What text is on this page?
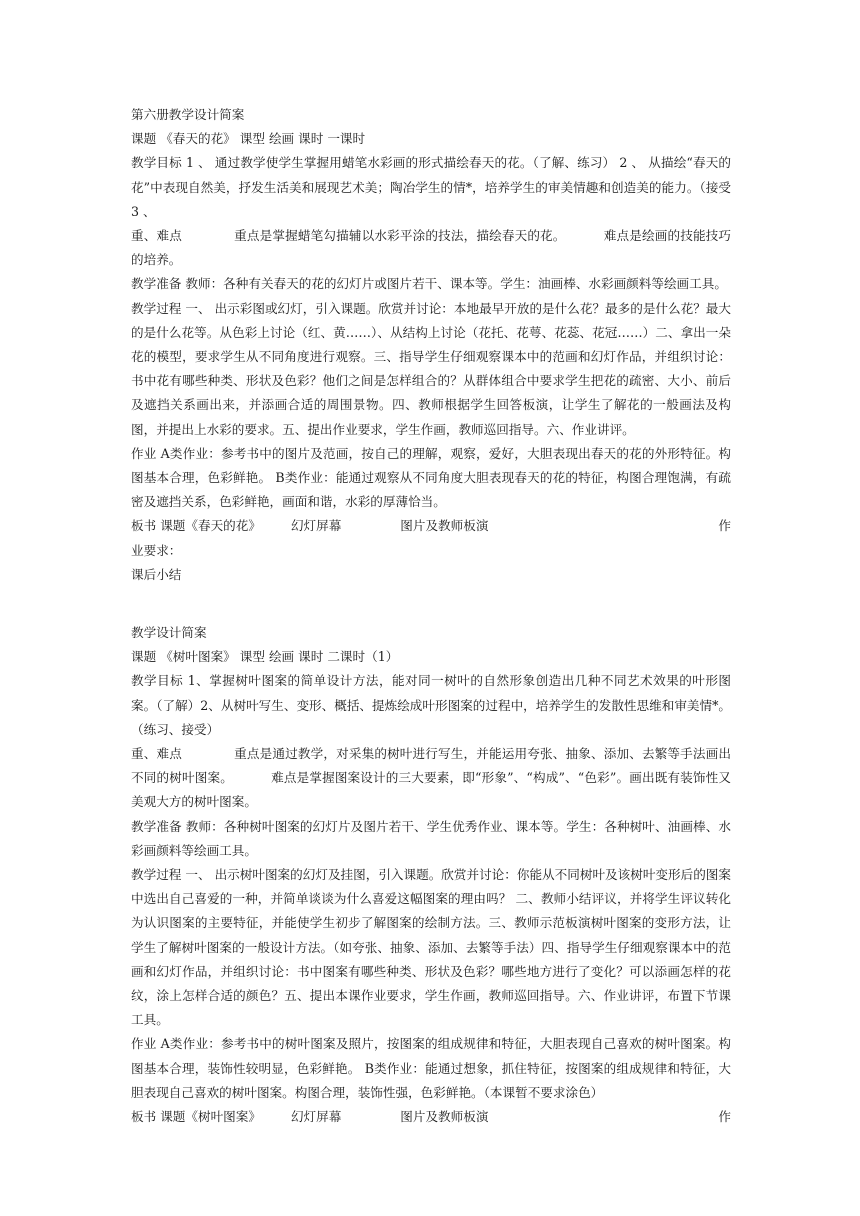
第六册教学设计简案

课题 《春天的花》 课型 绘画 课时 一课时

教学目标 1 、 通过教学使学生掌握用蜡笔水彩画的形式描绘春天的花。（了解、练习） 2 、 从描绘“春天的花”中表现自然美，抒发生活美和展现艺术美；陶冶学生的情*，培养学生的审美情趣和创造美的能力。（接受 3 、

重、难点	重点是掌握蜡笔勾描辅以水彩平涂的技法，描绘春天的花。	难点是绘画的技能技巧的培养。

教学准备 教师：各种有关春天的花的幻灯片或图片若干、课本等。学生：油画棒、水彩画颜料等绘画工具。

教学过程 一、 出示彩图或幻灯，引入课题。欣赏并讨论：本地最早开放的是什么花？最多的是什么花？最大的是什么花等。从色彩上讨论（红、黄……）、从结构上讨论（花托、花萼、花蕊、花冠……）二、拿出一朵花的模型，要求学生从不同角度进行观察。三、指导学生仔细观察课本中的范画和幻灯作品，并组织讨论：书中花有哪些种类、形状及色彩？他们之间是怎样组合的？从群体组合中要求学生把花的疏密、大小、前后及遮挡关系画出来，并添画合适的周围景物。四、教师根据学生回答板演，让学生了解花的一般画法及构图，并提出上水彩的要求。五、提出作业要求，学生作画，教师巡回指导。六、作业讲评。

作业 A类作业：参考书中的图片及范画，按自己的理解，观察，爱好，大胆表现出春天的花的外形特征。构图基本合理，色彩鲜艳。 B类作业：能通过观察从不同角度大胆表现春天的花的特征，构图合理饱满，有疏密及遮挡关系，色彩鲜艳，画面和谐，水彩的厚薄恰当。

板书 课题《春天的花》 幻灯屏幕	图片及教师板演	作

业要求：

课后小结

教学设计简案

课题 《树叶图案》 课型 绘画 课时 二课时（1）

教学目标 1、掌握树叶图案的简单设计方法，能对同一树叶的自然形象创造出几种不同艺术效果的叶形图案。（了解）2、从树叶写生、变形、概括、提炼绘成叶形图案的过程中，培养学生的发散性思维和审美情*。（练习、接受）

重、难点	重点是通过教学，对采集的树叶进行写生，并能运用夸张、抽象、添加、去繁等手法画出不同的树叶图案。	难点是掌握图案设计的三大要素，即“形象”、“构成”、“色彩”。画出既有装饰性又美观大方的树叶图案。

教学准备 教师：各种树叶图案的幻灯片及图片若干、学生优秀作业、课本等。学生：各种树叶、油画棒、水彩画颜料等绘画工具。

教学过程 一、 出示树叶图案的幻灯及挂图，引入课题。欣赏并讨论：你能从不同树叶及该树叶变形后的图案中选出自己喜爱的一种，并简单谈谈为什么喜爱这幅图案的理由吗？ 二、教师小结评议，并将学生评议转化为认识图案的主要特征，并能使学生初步了解图案的绘制方法。三、教师示范板演树叶图案的变形方法，让学生了解树叶图案的一般设计方法。（如夸张、抽象、添加、去繁等手法）四、指导学生仔细观察课本中的范画和幻灯作品，并组织讨论：书中图案有哪些种类、形状及色彩？哪些地方进行了变化？可以添画怎样的花纹，涂上怎样合适的颜色？五、提出本课作业要求，学生作画，教师巡回指导。六、作业讲评，布置下节课工具。

作业 A类作业：参考书中的树叶图案及照片，按图案的组成规律和特征，大胆表现自己喜欢的树叶图案。构图基本合理，装饰性较明显，色彩鲜艳。 B类作业：能通过想象，抓住特征，按图案的组成规律和特征，大胆表现自己喜欢的树叶图案。构图合理，装饰性强，色彩鲜艳。（本课暂不要求涂色）

板书 课题《树叶图案》 幻灯屏幕	图片及教师板演	作
